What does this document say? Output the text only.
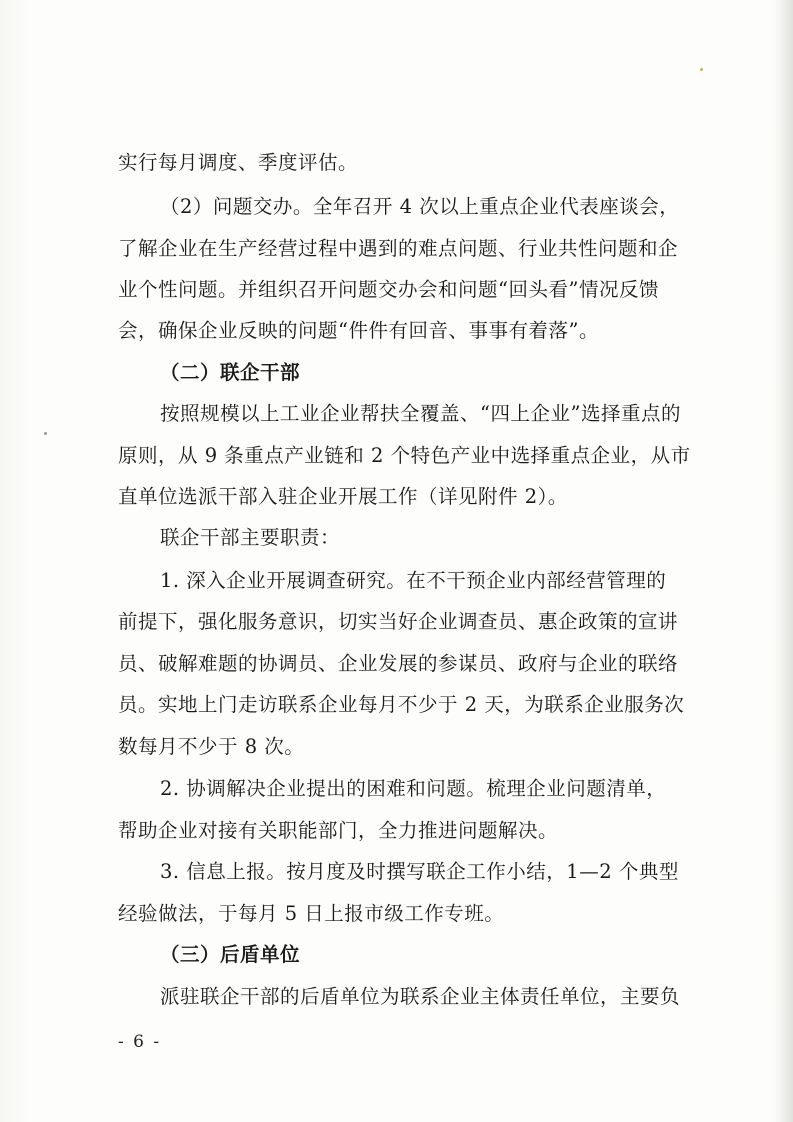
实行每月调度、季度评估。
（2）问题交办。全年召开 4 次以上重点企业代表座谈会，
了解企业在生产经营过程中遇到的难点问题、行业共性问题和企
业个性问题。并组织召开问题交办会和问题“回头看”情况反馈
会，确保企业反映的问题“件件有回音、事事有着落”。
（二）联企干部
按照规模以上工业企业帮扶全覆盖、“四上企业”选择重点的
原则，从 9 条重点产业链和 2 个特色产业中选择重点企业，从市
直单位选派干部入驻企业开展工作（详见附件 2）。
联企干部主要职责：
1. 深入企业开展调查研究。在不干预企业内部经营管理的
前提下，强化服务意识，切实当好企业调查员、惠企政策的宣讲
员、破解难题的协调员、企业发展的参谋员、政府与企业的联络
员。实地上门走访联系企业每月不少于 2 天，为联系企业服务次
数每月不少于 8 次。
2. 协调解决企业提出的困难和问题。梳理企业问题清单，
帮助企业对接有关职能部门，全力推进问题解决。
3. 信息上报。按月度及时撰写联企工作小结，1—2 个典型
经验做法，于每月 5 日上报市级工作专班。
（三）后盾单位
派驻联企干部的后盾单位为联系企业主体责任单位，主要负
- 6 -
